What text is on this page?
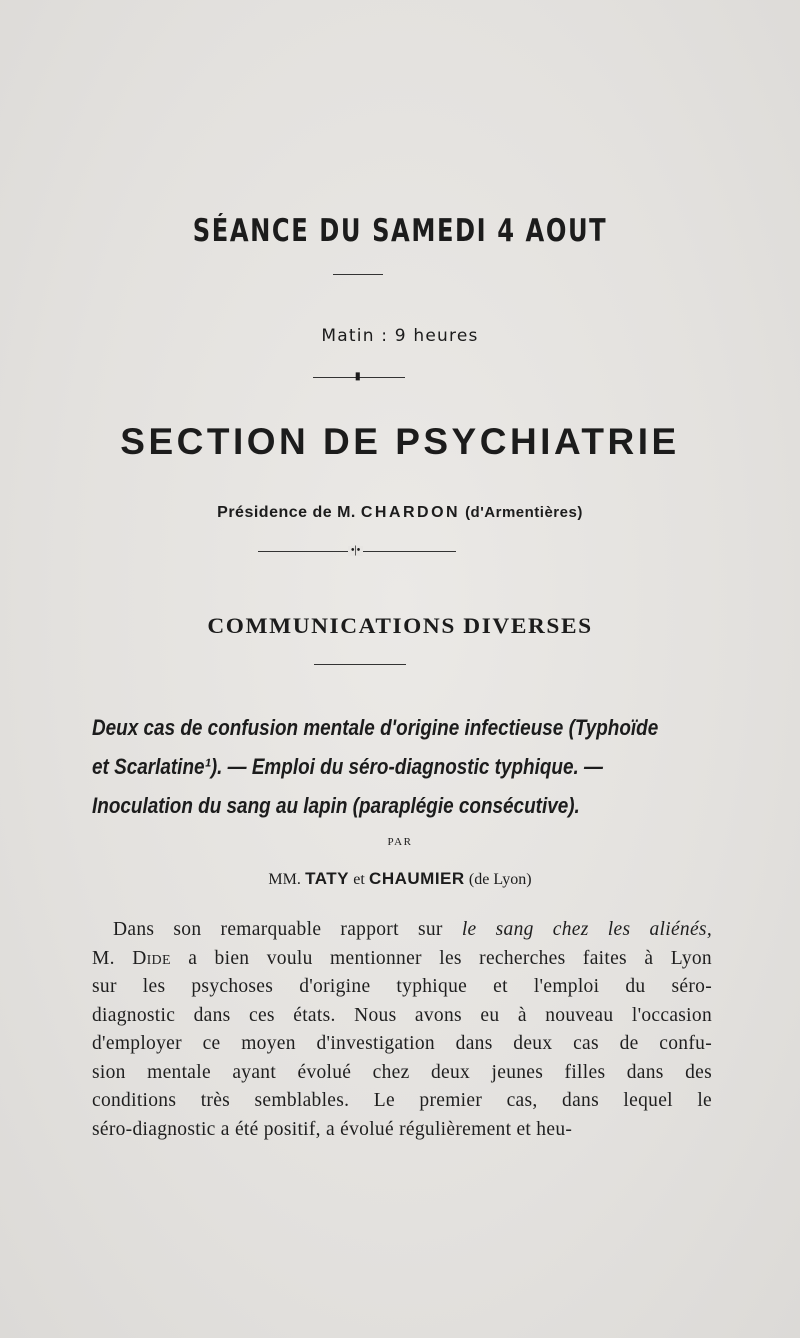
SÉANCE DU SAMEDI 4 AOUT
Matin : 9 heures
▮
SECTION DE PSYCHIATRIE
Présidence de M. CHARDON (d'Armentières)
•|•
COMMUNICATIONS DIVERSES
Deux cas de confusion mentale d'origine infectieuse (Typhoïde
et Scarlatine¹). — Emploi du séro-diagnostic typhique. —
Inoculation du sang au lapin (paraplégie consécutive).
PAR
MM. TATY et CHAUMIER (de Lyon)
Dans son remarquable rapport sur le sang chez les aliénés,
M. Dide a bien voulu mentionner les recherches faites à Lyon
sur les psychoses d'origine typhique et l'emploi du séro-
diagnostic dans ces états. Nous avons eu à nouveau l'occasion
d'employer ce moyen d'investigation dans deux cas de confu-
sion mentale ayant évolué chez deux jeunes filles dans des
conditions très semblables. Le premier cas, dans lequel le
séro-diagnostic a été positif, a évolué régulièrement et heu-
